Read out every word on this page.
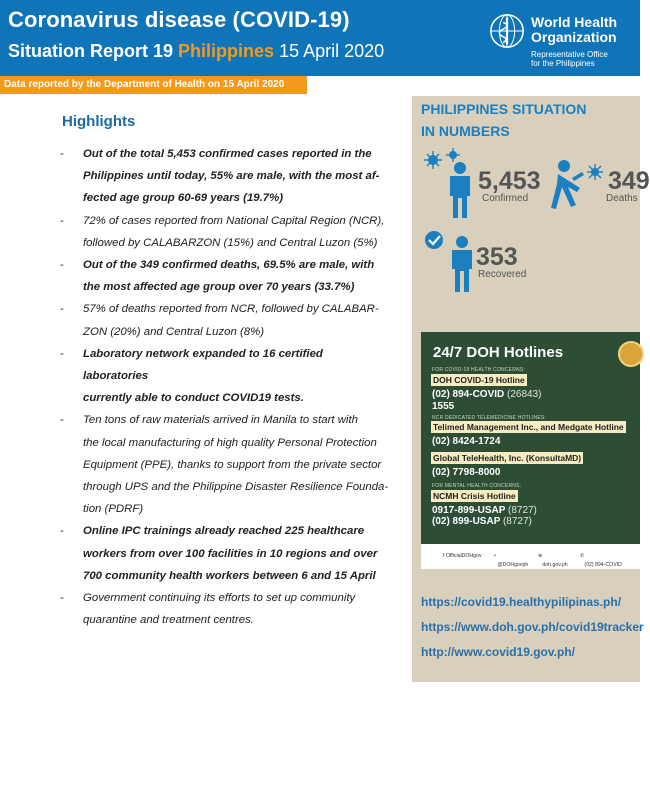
Coronavirus disease (COVID-19)
Situation Report 19 Philippines 15 April 2020
World Health
Organization
Representative Office
for the Philippines
Data reported by the Department of Health on 15 April 2020
Highlights
- Out of the total 5,453 confirmed cases reported in the
Philippines until today, 55% are male, with the most af-
fected age group 60-69 years (19.7%)
- 72% of cases reported from National Capital Region (NCR),
followed by CALABARZON (15%) and Central Luzon (5%)
- Out of the 349 confirmed deaths, 69.5% are male, with
the most affected age group over 70 years (33.7%)
- 57% of deaths reported from NCR, followed by CALABAR-
ZON (20%) and Central Luzon (8%)
- Laboratory network expanded to 16 certified laboratories
currently able to conduct COVID19 tests.
- Ten tons of raw materials arrived in Manila to start with
the local manufacturing of high quality Personal Protection
Equipment (PPE), thanks to support from the private sector
through UPS and the Philippine Disaster Resilience Founda-
tion (PDRF)
- Online IPC trainings already reached 225 healthcare
workers from over 100 facilities in 10 regions and over
700 community health workers between 6 and 15 April
- Government continuing its efforts to set up community
quarantine and treatment centres.
PHILIPPINES SITUATION
IN NUMBERS
5,453
Confirmed
349
Deaths
353
Recovered
24/7 DOH Hotlines
FOR COVID-19 HEALTH CONCERNS:
DOH COVID-19 Hotline
(02) 894-COVID (26843)
1555
NCR DEDICATED TELEMEDICINE HOTLINES:
Telimed Management Inc., and Medgate Hotline
(02) 8424-1724
Global TeleHealth, Inc. (KonsultaMD)
(02) 7798-8000
FOR MENTAL HEALTH CONCERNS:
NCMH Crisis Hotline
0917-899-USAP (8727)
(02) 899-USAP (8727)
f OfficialDOHgov ✓
@DOHgovph
⊕
doh.gov.ph
✆
(02) 894-COVID
https://covid19.healthypilipinas.ph/
https://www.doh.gov.ph/covid19tracker
http://www.covid19.gov.ph/
